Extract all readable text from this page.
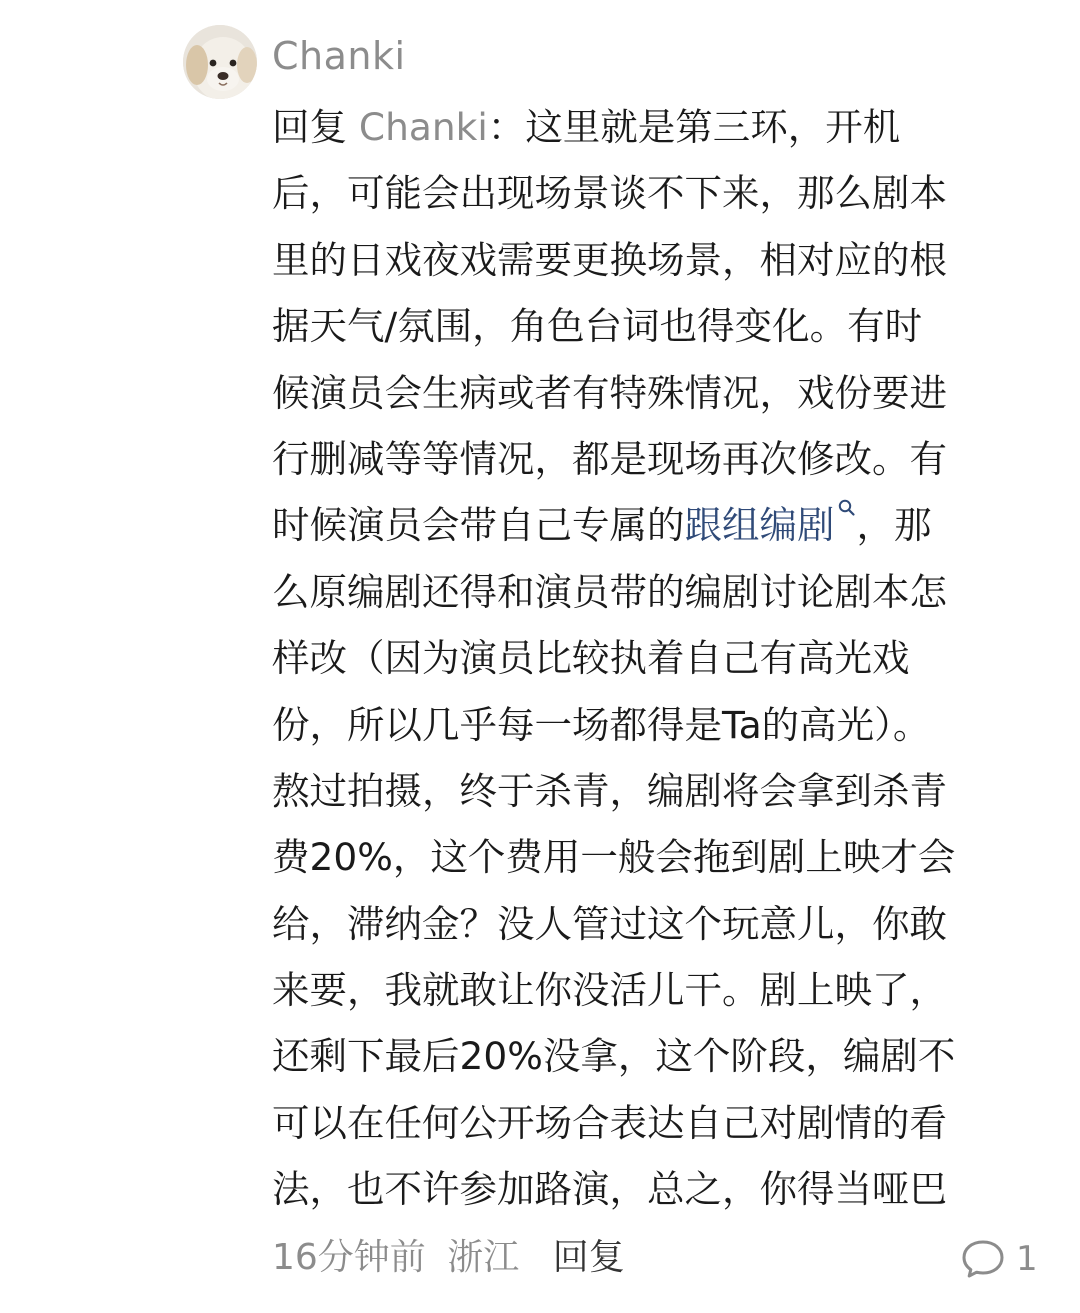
Chanki
回复 Chanki：这里就是第三环，开机
后，可能会出现场景谈不下来，那么剧本
里的日戏夜戏需要更换场景，相对应的根
据天气/氛围，角色台词也得变化。有时
候演员会生病或者有特殊情况，戏份要进
行删减等等情况，都是现场再次修改。有
时候演员会带自己专属的跟组编剧 ，那
么原编剧还得和演员带的编剧讨论剧本怎
样改（因为演员比较执着自己有高光戏
份，所以几乎每一场都得是Ta的高光）。
熬过拍摄，终于杀青，编剧将会拿到杀青
费20%，这个费用一般会拖到剧上映才会
给，滞纳金？没人管过这个玩意儿，你敢
来要，我就敢让你没活儿干。剧上映了，
还剩下最后20%没拿，这个阶段，编剧不
可以在任何公开场合表达自己对剧情的看
法，也不许参加路演，总之，你得当哑巴
16分钟前 浙江 回复	1
